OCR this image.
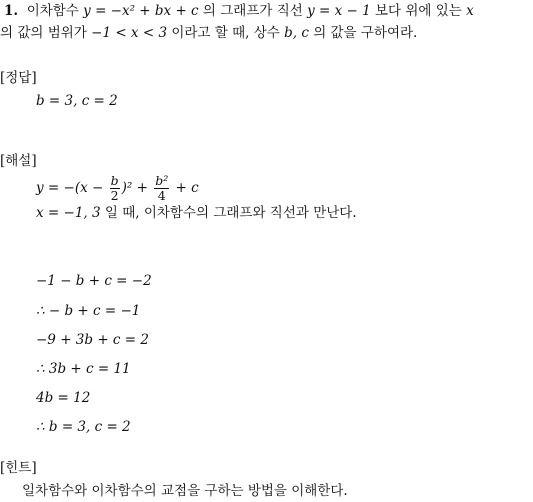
1. 이차함수 y = −x² + bx + c 의 그래프가 직선 y = x − 1 보다 위에 있는 x
의 값의 범위가 −1 < x < 3 이라고 할 때, 상수 b, c 의 값을 구하여라.
[정답]
b = 3, c = 2
[해설]
$y = -(x - \frac{b}{2} )^2 + \frac{\text{b²}}{4} + c$
x = −1, 3 일 때, 이차함수의 그래프와 직선과 만난다.
−1 − b + c = −2
∴ − b + c = −1
−9 + 3b + c = 2
∴ 3b + c = 11
4b = 12
∴ b = 3, c = 2
[힌트]
일차함수와 이차함수의 교점을 구하는 방법을 이해한다.
